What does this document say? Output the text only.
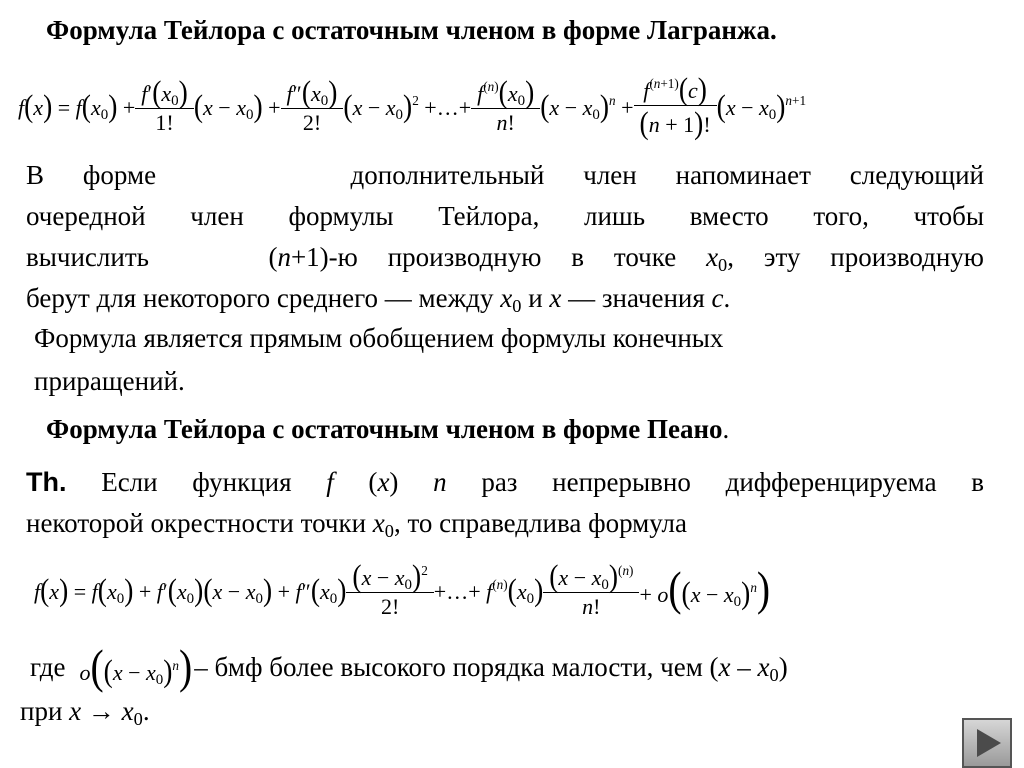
Формула Тейлора с остаточным членом в форме Лагранжа.
$f(x) = f(x_0) + \frac{f'(x_0)}{1!} (x - x_0) + \frac{f''(x_0)}{2!} (x - x_0)^2$ +…+ $\frac{f^{(n)}(x_0)}{n!} (x - x_0)^n + \frac{f^{(n+1)}(c)}{(n + 1)!} (x - x_0)^{n+1}$
В форме     дополнительный член напоминает следующий
очередной член формулы Тейлора, лишь вместо того, чтобы
вычислить    (n+1)-ю производную в точке $x_0$, эту производную
берут для некоторого среднего — между $x_0$ и x — значения c.
Формула является прямым обобщением формулы конечных
приращений.
Формула Тейлора с остаточным членом в форме Пеано.
Th. Если функция f (x) n раз непрерывно дифференцируема в
некоторой окрестности точки $x_0$, то справедлива формула
$f(x) = f(x_0) + f'(x_0)(x - x_0) + f''(x_0) \frac{(x - x_0)^2}{2!}$ +…+ $f^{(n)}(x_0) \frac{(x - x_0)^{(n)}}{n!} + o((x - x_0)^n)$
где $o((x - x_0)^n)$ – бмф более высокого порядка малости, чем $(x - x_0)$
при $x \to x_0$.
